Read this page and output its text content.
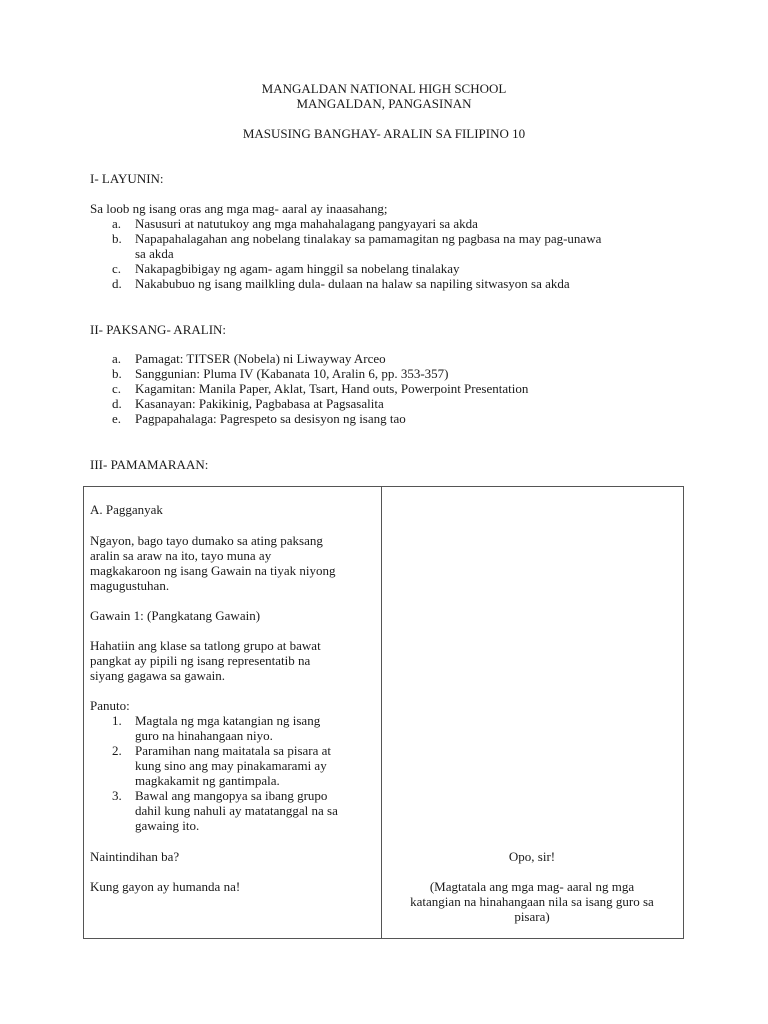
MANGALDAN NATIONAL HIGH SCHOOL
MANGALDAN, PANGASINAN
MASUSING BANGHAY- ARALIN SA FILIPINO 10
I- LAYUNIN:
Sa loob ng isang oras ang mga mag- aaral ay inaasahang;
a. Nasusuri at natutukoy ang mga mahahalagang pangyayari sa akda
b. Napapahalagahan ang nobelang tinalakay sa pamamagitan ng pagbasa na may pag-unawa
sa akda
c. Nakapagbibigay ng agam- agam hinggil sa nobelang tinalakay
d. Nakabubuo ng isang mailkling dula- dulaan na halaw sa napiling sitwasyon sa akda
II- PAKSANG- ARALIN:
a. Pamagat: TITSER (Nobela) ni Liwayway Arceo
b. Sanggunian: Pluma IV (Kabanata 10, Aralin 6, pp. 353-357)
c. Kagamitan: Manila Paper, Aklat, Tsart, Hand outs, Powerpoint Presentation
d. Kasanayan: Pakikinig, Pagbabasa at Pagsasalita
e. Pagpapahalaga: Pagrespeto sa desisyon ng isang tao
III- PAMAMARAAN:
A. Pagganyak
Ngayon, bago tayo dumako sa ating paksang
aralin sa araw na ito, tayo muna ay
magkakaroon ng isang Gawain na tiyak niyong
magugustuhan.
Gawain 1: (Pangkatang Gawain)
Hahatiin ang klase sa tatlong grupo at bawat
pangkat ay pipili ng isang representatib na
siyang gagawa sa gawain.
Panuto:
1. Magtala ng mga katangian ng isang
guro na hinahangaan niyo.
2. Paramihan nang maitatala sa pisara at
kung sino ang may pinakamarami ay
magkakamit ng gantimpala.
3. Bawal ang mangopya sa ibang grupo
dahil kung nahuli ay matatanggal na sa
gawaing ito.
Naintindihan ba?
Kung gayon ay humanda na!
Opo, sir!
(Magtatala ang mga mag- aaral ng mga
katangian na hinahangaan nila sa isang guro sa
pisara)
